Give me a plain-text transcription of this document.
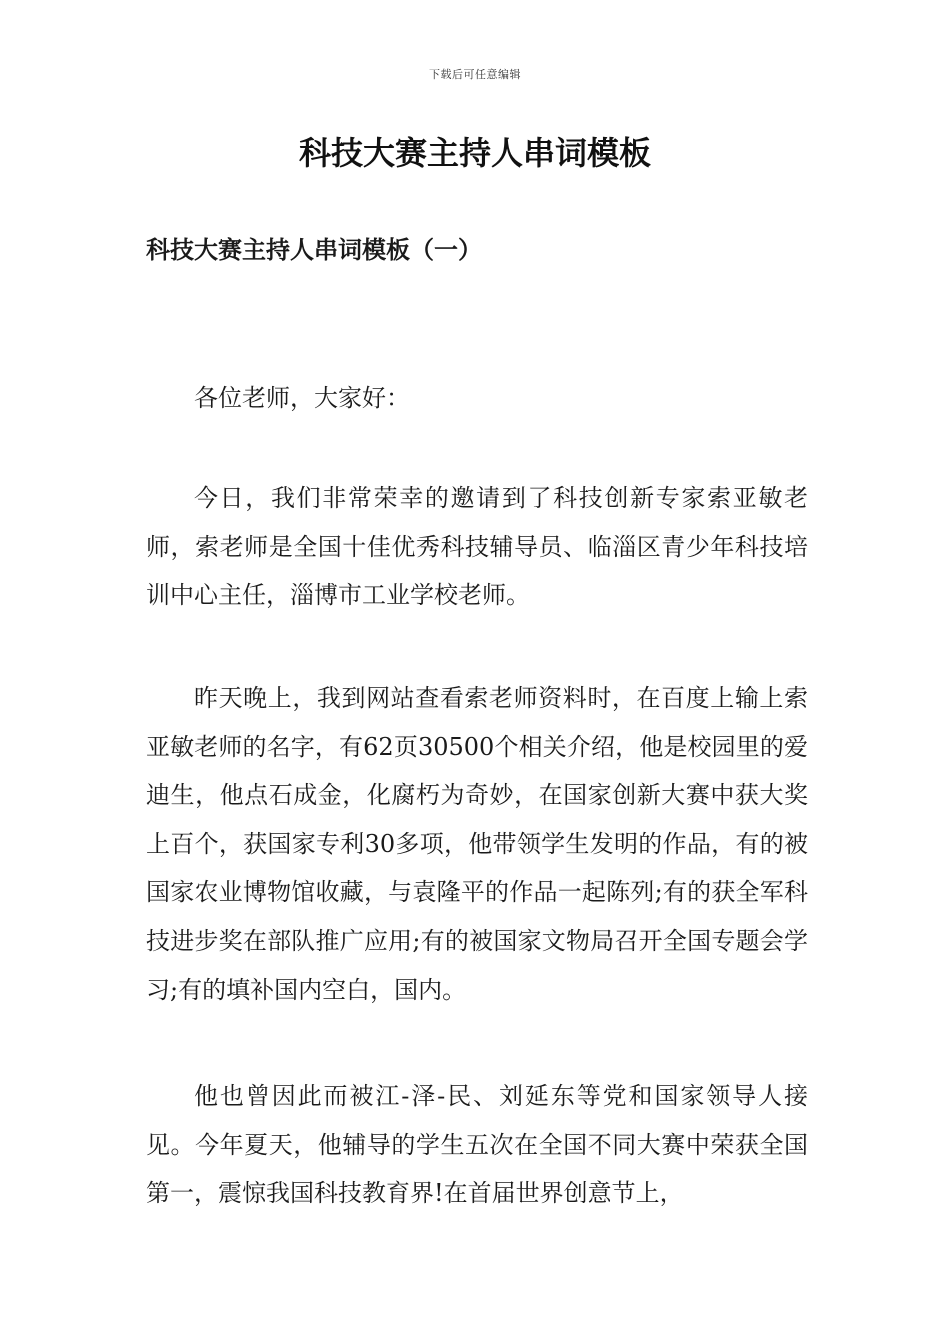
下载后可任意编辑
科技大赛主持人串词模板
科技大赛主持人串词模板（一）

各位老师，大家好：

今日，我们非常荣幸的邀请到了科技创新专家索亚敏老师，索老师是全国十佳优秀科技辅导员、临淄区青少年科技培训中心主任，淄博市工业学校老师。

昨天晚上，我到网站查看索老师资料时，在百度上输上索亚敏老师的名字，有62页30500个相关介绍，他是校园里的爱迪生，他点石成金，化腐朽为奇妙，在国家创新大赛中获大奖上百个，获国家专利30多项，他带领学生发明的作品，有的被国家农业博物馆收藏，与袁隆平的作品一起陈列;有的获全军科技进步奖在部队推广应用;有的被国家文物局召开全国专题会学习;有的填补国内空白，国内。

他也曾因此而被江-泽-民、刘延东等党和国家领导人接见。今年夏天，他辅导的学生五次在全国不同大赛中荣获全国第一，震惊我国科技教育界!在首届世界创意节上，
